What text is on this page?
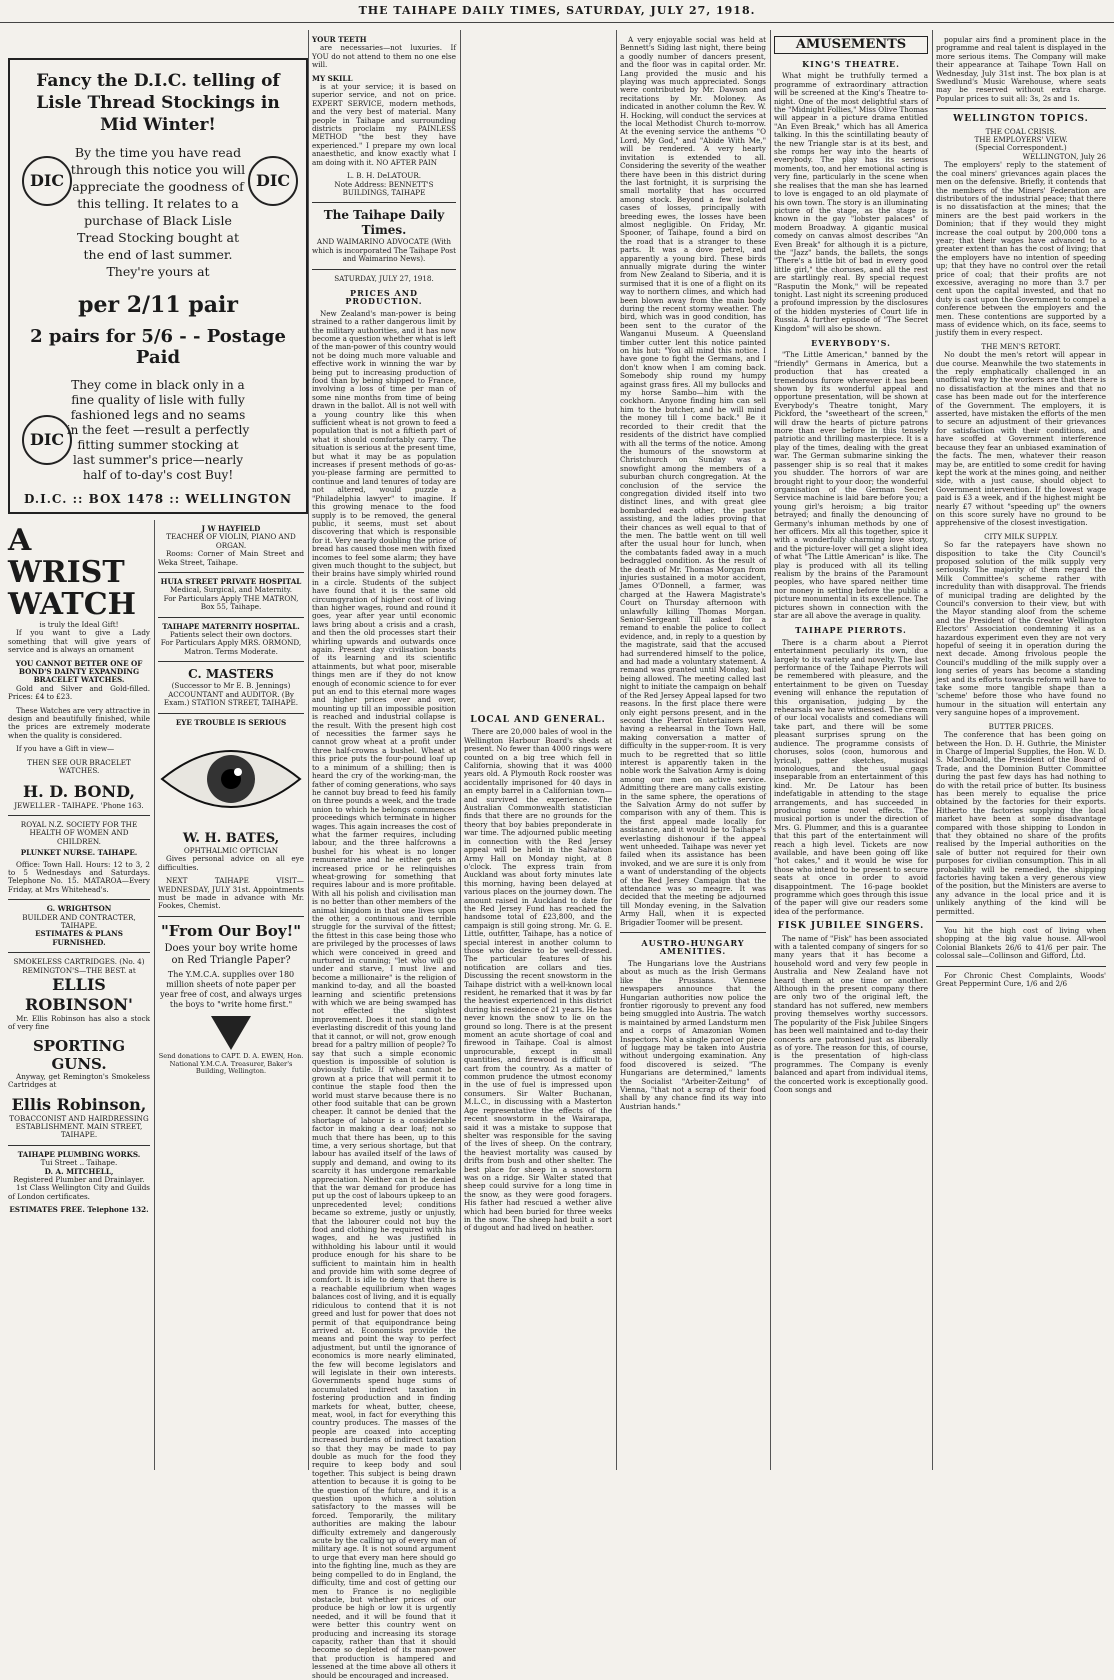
THE TAIHAPE DAILY TIMES, SATURDAY, JULY 27, 1918.
Fancy the D.I.C. telling of Lisle Thread Stockings in Mid Winter!
DIC	DIC
By the time you have read through this notice you will appreciate the goodness of this telling. It relates to a purchase of Black Lisle Tread Stocking bought at the end of last summer. They're yours at
per 2/11 pair
2 pairs for 5/6 - - Postage Paid
They come in black only in a fine quality of lisle with fully fashioned legs and no seams in the feet —result a perfectly fitting summer stocking at last summer's price—nearly half of to-day's cost Buy!
DIC
D.I.C. :: BOX 1478 :: WELLINGTON
A WRIST WATCH
is truly the Ideal Gift!

If you want to give a Lady something that will give years of service and is always an ornament

YOU CANNOT BETTER ONE OF BOND'S DAINTY EXPANDING BRACELET WATCHES.

Gold and Silver and Gold-filled. Prices: £4 to £23.

These Watches are very attractive in design and beautifully finished, while the prices are extremely moderate when the quality is considered.

If you have a Gift in view—

THEN SEE OUR BRACELET WATCHES.
H. D. BOND,
JEWELLER - TAIHAPE. 'Phone 163.
ROYAL N.Z. SOCIETY FOR THE HEALTH OF WOMEN AND CHILDREN.
PLUNKET NURSE. TAIHAPE.

Office: Town Hall. Hours: 12 to 3, 2 to 5 Wednesdays and Saturdays. Telephone No. 15. MATAROA—Every Friday, at Mrs Whitehead's.

G. WRIGHTSON
BUILDER AND CONTRACTER, TAIHAPE.
ESTIMATES & PLANS FURNISHED.
SMOKELESS CARTRIDGES. (No. 4)
REMINGTON'S—THE BEST. at
ELLIS ROBINSON'

Mr. Ellis Robinson has also a stock of very fine

SPORTING GUNS.

Anyway, get Remington's Smokeless Cartridges at

Ellis Robinson,
TOBACCONIST AND HAIRDRESSING ESTABLISHMENT. MAIN STREET, TAIHAPE.
TAIHAPE PLUMBING WORKS.
Tui Street .. Taihape.
D. A. MITCHELL,
Registered Plumber and Drainlayer.

1st Class Wellington City and Guilds of London certificates.

ESTIMATES FREE. Telephone 132.
J W HAYFIELD
TEACHER OF VIOLIN, PIANO AND ORGAN.

Rooms: Corner of Main Street and Weka Street, Taihape.

HUIA STREET PRIVATE HOSPITAL
Medical, Surgical, and Maternity.
For Particulars Apply THE MATRON, Box 55, Taihape.
TAIHAPE MATERNITY HOSPITAL.
Patients select their own doctors.
For Particulars Apply MRS. ORMOND, Matron. Terms Moderate.
C. MASTERS
(Successor to Mr E. B. Jennings) ACCOUNTANT and AUDITOR. (By Exam.) STATION STREET, TAIHAPE.
EYE TROUBLE IS SERIOUS
W. H. BATES,
OPHTHALMIC OPTICIAN

Gives personal advice on all eye difficulties.

NEXT TAIHAPE VISIT— WEDNESDAY, JULY 31st. Appointments must be made in advance with Mr. Fookes, Chemist.

"From Our Boy!"
Does your boy write home on Red Triangle Paper?
The Y.M.C.A. supplies over 180 million sheets of note paper per year free of cost, and always urges the boys to "write home first."
Send donations to CAPT. D. A. EWEN, Hon. National Y.M.C.A. Treasurer, Baker's Building, Wellington.
YOUR TEETH

are necessaries—not luxuries. If YOU do not attend to them no one else will.

MY SKILL

is at your service; it is based on superior service, and not on price. EXPERT SERVICE, modern methods, and the very best of material. Many people in Taihape and surrounding districts proclaim my PAINLESS METHOD "the best they have experienced." I prepare my own local anaesthetic, and know exactly what I am doing with it. NO AFTER PAIN

L. B. H. DeLATOUR.
Note Address: BENNETT'S BUILDINGS, TAIHAPE
The Taihape Daily Times.
AND WAIMARINO ADVOCATE (With which is incorporated The Taihape Post and Waimarino News).
SATURDAY, JULY 27, 1918.
PRICES AND PRODUCTION.

New Zealand's man-power is being strained to a rather dangerous limit by the military authorities, and it has now become a question whether what is left of the man-power of this country would not be doing much more valuable and effective work in winning the war by being put to increasing production of food than by being shipped to France, involving a loss of time per man of some nine months from time of being drawn in the ballot. All is not well with a young country like this when sufficient wheat is not grown to feed a population that is not a fiftieth part of what it should comfortably carry. The situation is serious at the present time, but what it may be as population increases if present methods of go-as-you-please farming are permitted to continue and land tenures of today are not altered, would puzzle a "Philadelphia lawyer" to imagine. If this growing menace to the food supply is to be removed, the general public, it seems, must set about discovering that which is responsible for it. Very nearly doubling the price of bread has caused those men with fixed incomes to feel some alarm; they have given much thought to the subject, but their brains have simply whirled round in a circle. Students of the subject have found that it is the same old circumgyration of higher cost of living than higher wages, round and round it goes, year after year until economic laws bring about a crisis and a crash, and then the old processes start their whirling upwards and outwards once again. Present day civilisation boasts of its learning and its scientific attainments, but what poor, miserable things men are if they do not know enough of economic science to for ever put an end to this eternal more wages and higher prices over and over, mounting up till an impossible position is reached and industrial collapse is the result. With the present high cost of necessities the farmer says he cannot grow wheat at a profit under three half-crowns a bushel. Wheat at this price puts the four-pound loaf up to a minimum of a shilling; then is heard the cry of the working-man, the father of coming generations, who says he cannot buy bread to feed his family on three pounds a week, and the trade union to which he belongs commences proceedings which terminate in higher wages. This again increases the cost of what the farmer requires, including labour, and the three halfcrowns a bushel for his wheat is no longer remunerative and he either gets an increased price or he relinquishes wheat-growing for something that requires labour and is more profitable. With all his polish and civilisation man is no better than other members of the animal kingdom in that one lives upon the other, a continuous and terrible struggle for the survival of the fittest; the fittest in this case being those who are privileged by the processes of laws which were conceived in greed and nurtured in cunning; "let who will go under and starve, I must live and become a millionaire" is the religion of mankind to-day, and all the boasted learning and scientific pretensions with which we are being swamped has not effected the slightest improvement. Does it not stand to the everlasting discredit of this young land that it cannot, or will not, grow enough bread for a paltry million of people? To say that such a simple economic question is impossible of solution is obviously futile. If wheat cannot be grown at a price that will permit it to continue the staple food then the world must starve because there is no other food suitable that can be grown cheaper. It cannot be denied that the shortage of labour is a considerable factor in making a dear loaf; not so much that there has been, up to this time, a very serious shortage, but that labour has availed itself of the laws of supply and demand, and owing to its scarcity it has undergone remarkable appreciation. Neither can it be denied that the war demand for produce has put up the cost of labours upkeep to an unprecedented level; conditions became so extreme, justly or unjustly, that the labourer could not buy the food and clothing he required with his wages, and he was justified in withholding his labour until it would produce enough for his share to be sufficient to maintain him in health and provide him with some degree of comfort. It is idle to deny that there is a reachable equilibrium when wages balances cost of living, and it is equally ridiculous to contend that it is not greed and lust for power that does not permit of that equipondrance being arrived at. Economists provide the means and point the way to perfect adjustment, but until the ignorance of economics is more nearly eliminated, the few will become legislators and will legislate in their own interests. Governments spend huge sums of accumulated indirect taxation in fostering production and in finding markets for wheat, butter, cheese, meat, wool, in fact for everything this country produces. The masses of the people are coaxed into accepting increased burdens of indirect taxation so that they may be made to pay double as much for the food they require to keep body and soul together. This subject is being drawn attention to because it is going to be the question of the future, and it is a question upon which a solution satisfactory to the masses will be forced. Temporarily, the military authorities are making the labour difficulty extremely and dangerously acute by the calling up of every man of military age. It is not sound argument to urge that every man here should go into the fighting line, much as they are being compelled to do in England, the difficulty, time and cost of getting our men to France is no negligible obstacle, but whether prices of our produce be high or low it is urgently needed, and it will be found that it were better this country went on producing and increasing its storage capacity, rather than that it should become so depleted of its man-power that production is hampered and lessened at the time above all others it should be encouraged and increased.

LOCAL AND GENERAL.

There are 20,000 bales of wool in the Wellington Harbour Board's sheds at present. No fewer than 4000 rings were counted on a big tree which fell in California, showing that it was 4000 years old. A Plymouth Rock rooster was accidentally imprisoned for 40 days in an empty barrel in a Californian town—and survived the experience. The Australian Commonwealth statistician finds that there are no grounds for the theory that boy babies preponderate in war time. The adjourned public meeting in connection with the Red Jersey appeal will be held in the Salvation Army Hall on Monday night, at 8 o'clock. The express train from Auckland was about forty minutes late this morning, having been delayed at various places on the journey down. The amount raised in Auckland to date for the Red Jersey Fund has reached the handsome total of £23,800, and the campaign is still going strong. Mr. G. E. Little, outfitter, Taihape, has a notice of special interest in another column to those who desire to be well-dressed. The particular features of his notification are collars and ties. Discussing the recent snowstorm in the Taihape district with a well-known local resident, he remarked that it was by far the heaviest experienced in this district during his residence of 21 years. He has never known the snow to lie on the ground so long. There is at the present moment an acute shortage of coal and firewood in Taihape. Coal is almost unprocurable, except in small quantities, and firewood is difficult to cart from the country. As a matter of common prudence the utmost economy in the use of fuel is impressed upon consumers. Sir Walter Buchanan, M.L.C., in discussing with a Masterton Age representative the effects of the recent snowstorm in the Wairarapa, said it was a mistake to suppose that shelter was responsible for the saving of the lives of sheep. On the contrary, the heaviest mortality was caused by drifts from bush and other shelter. The best place for sheep in a snowstorm was on a ridge. Sir Walter stated that sheep could survive for a long time in the snow, as they were good foragers. His father had rescued a wether alive which had been buried for three weeks in the snow. The sheep had built a sort of dugout and had lived on heather.

A very enjoyable social was held at Bennett's Siding last night, there being a goodly number of dancers present, and the floor was in capital order. Mr. Lang provided the music and his playing was much appreciated. Songs were contributed by Mr. Dawson and recitations by Mr. Moloney. As indicated in another column the Rev. W. H. Hocking, will conduct the services at the local Methodist Church to-morrow. At the evening service the anthems "O Lord, My God," and "Abide With Me," will be rendered. A very hearty invitation is extended to all. Considering the severity of the weather there have been in this district during the last fortnight, it is surprising the small mortality that has occurred among stock. Beyond a few isolated cases of losses, principally with breeding ewes, the losses have been almost negligible. On Friday, Mr. Spooner, of Taihape, found a bird on the road that is a stranger to these parts. It was a dove petrel, and apparently a young bird. These birds annually migrate during the winter from New Zealand to Siberia, and it is surmised that it is one of a flight on its way to northern climes, and which had been blown away from the main body during the recent stormy weather. The bird, which was in good condition, has been sent to the curator of the Wanganui Museum. A Queensland timber cutter lent this notice painted on his hut: "You all mind this notice. I have gone to fight the Germans, and I don't know when I am coming back. Somebody ship round my humpy against grass fires. All my bullocks and my horse Sambo—him with the cockhorn. Anyone finding him can sell him to the butcher, and he will mind the money till I come back." Be it recorded to their credit that the residents of the district have complied with all the terms of the notice. Among the humours of the snowstorm at Christchurch on Sunday was a snowfight among the members of a suburban church congregation. At the conclusion of the service the congregation divided itself into two distinct lines, and with great glee bombarded each other, the pastor assisting, and the ladies proving that their chances as well equal to that of the men. The battle went on till well after the usual hour for lunch, when the combatants faded away in a much bedraggled condition. As the result of the death of Mr. Thomas Morgan from injuries sustained in a motor accident, James O'Donnell, a farmer, was charged at the Hawera Magistrate's Court on Thursday afternoon with unlawfully killing Thomas Morgan. Senior-Sergeant Till asked for a remand to enable the police to collect evidence, and, in reply to a question by the magistrate, said that the accused had surrendered himself to the police, and had made a voluntary statement. A remand was granted until Monday, bail being allowed. The meeting called last night to initiate the campaign on behalf of the Red Jersey Appeal lapsed for two reasons. In the first place there were only eight persons present, and in the second the Pierrot Entertainers were having a rehearsal in the Town Hall, making conversation a matter of difficulty in the supper-room. It is very much to be regretted that so little interest is apparently taken in the noble work the Salvation Army is doing among our men on active service. Admitting there are many calls existing in the same sphere, the operations of the Salvation Army do not suffer by comparison with any of them. This is the first appeal made locally for assistance, and it would be to Taihape's everlasting dishonour if the appeal went unheeded. Taihape was never yet failed when its assistance has been invoked, and we are sure it is only from a want of understanding of the objects of the Red Jersey Campaign that the attendance was so meagre. It was decided that the meeting be adjourned till Monday evening, in the Salvation Army Hall, when it is expected Brigadier Toomer will be present.

AUSTRO-HUNGARY AMENITIES.

The Hungarians love the Austrians about as much as the Irish Germans like the Prussians. Viennese newspapers announce that the Hungarian authorities now police the frontier rigorously to prevent any food being smuggled into Austria. The watch is maintained by armed Landsturm men and a corps of Amazonian Women Inspectors. Not a single parcel or piece of luggage may be taken into Austria without undergoing examination. Any food discovered is seized. "The Hungarians are determined," laments the Socialist "Arbeiter-Zeitung" of Vienna, "that not a scrap of their food shall by any chance find its way into Austrian hands."

AMUSEMENTS
KING'S THEATRE.

What might be truthfully termed a programme of extraordinary attraction will be screened at the King's Theatre to-night. One of the most delightful stars of the "Midnight Follies," Miss Olive Thomas will appear in a picture drama entitled "An Even Break," which has all America talking. In this the scintillating beauty of the new Triangle star is at its best, and she romps her way into the hearts of everybody. The play has its serious moments, too, and her emotional acting is very fine, particularly in the scene when she realises that the man she has learned to love is engaged to an old playmate of his own town. The story is an illuminating picture of the stage, as the stage is known in the gay "lobster palaces" of modern Broadway. A gigantic musical comedy on canvas almost describes "An Even Break" for although it is a picture, the "Jazz" bands, the ballets, the songs "There's a little bit of bad in every good little girl," the choruses, and all the rest are startlingly real. By special request "Rasputin the Monk," will be repeated tonight. Last night its screening produced a profound impression by the disclosures of the hidden mysteries of Court life in Russia. A further episode of "The Secret Kingdom" will also be shown.

EVERYBODY'S.

"The Little American," banned by the "friendly" Germans in America, but a production that has created a tremendous furore wherever it has been shown by its wonderful appeal and opportune presentation, will be shown at Everybody's Theatre tonight, Mary Pickford, the "sweetheart of the screen," will draw the hearts of picture patrons more than ever before in this tensely patriotic and thrilling masterpiece. It is a play of the times, dealing with the great war. The German submarine sinking the passenger ship is so real that it makes you shudder. The horrors of war are brought right to your door; the wonderful organisation of the German Secret Service machine is laid bare before you; a young girl's heroism; a big traitor betrayed; and finally the denouncing of Germany's inhuman methods by one of her officers. Mix all this together, spice it with a wonderfully charming love story, and the picture-lover will get a slight idea of what "The Little American" is like. The play is produced with all its telling realism by the brains of the Paramount peoples, who have spared neither time nor money in setting before the public a picture monumental in its excellence. The pictures shown in connection with the star are all above the average in quality.

TAIHAPE PIERROTS.

There is a charm about a Pierrot entertainment peculiarly its own, due largely to its variety and novelty. The last performance of the Taihape Pierrots will be remembered with pleasure, and the entertainment to be given on Tuesday evening will enhance the reputation of this organisation, judging by the rehearsals we have witnessed. The cream of our local vocalists and comedians will take part, and there will be some pleasant surprises sprung on the audience. The programme consists of choruses, solos (coon, humorous and lyrical), patter sketches, musical monologues, and the usual gags inseparable from an entertainment of this kind. Mr. De Latour has been indefatigable in attending to the stage arrangements, and has succeeded in producing some novel effects. The musical portion is under the direction of Mrs. G. Plummer, and this is a guarantee that this part of the entertainment will reach a high level. Tickets are now available, and have been going off like "hot cakes," and it would be wise for those who intend to be present to secure seats at once in order to avoid disappointment. The 16-page booklet programme which goes through this issue of the paper will give our readers some idea of the performance.

FISK JUBILEE SINGERS.

The name of "Fisk" has been associated with a talented company of singers for so many years that it has become a household word and very few people in Australia and New Zealand have not heard them at one time or another. Although in the present company there are only two of the original left, the standard has not suffered, new members proving themselves worthy successors. The popularity of the Fisk Jubilee Singers has been well maintained and to-day their concerts are patronised just as liberally as of yore. The reason for this, of course, is the presentation of high-class programmes. The Company is evenly balanced and apart from individual items, the concerted work is exceptionally good. Coon songs and

popular airs find a prominent place in the programme and real talent is displayed in the more serious items. The Company will make their appearance at Taihape Town Hall on Wednesday, July 31st inst. The box plan is at Swedlund's Music Warehouse, where seats may be reserved without extra charge. Popular prices to suit all: 3s, 2s and 1s.

WELLINGTON TOPICS.
THE COAL CRISIS.
THE EMPLOYERS' VIEW.
(Special Correspondent.)
WELLINGTON, July 26

The employers' reply to the statement of the coal miners' grievances again places the men on the defensive. Briefly, it contends that the members of the Miners' Federation are distributors of the industrial peace; that there is no dissatisfaction at the mines; that the miners are the best paid workers in the Dominion; that if they would they might increase the coal output by 200,000 tons a year; that their wages have advanced to a greater extent than has the cost of living; that the employers have no intention of speeding up; that they have no control over the retail price of coal; that their profits are not excessive, averaging no more than 3.7 per cent upon the capital invested, and that no duty is cast upon the Government to compel a conference between the employers and the men. These contentions are supported by a mass of evidence which, on its face, seems to justify them in every respect.

THE MEN'S RETORT.

No doubt the men's retort will appear in due course. Meanwhile the two statements in the reply emphatically challenged in an unofficial way by the workers are that there is no dissatisfaction at the mines and that no case has been made out for the interference of the Government. The employers, it is asserted, have mistaken the efforts of the men to secure an adjustment of their grievances for satisfaction with their conditions, and have scoffed at Government interference because they fear an unbiased examination of the facts. The men, whatever their reason may be, are entitled to some credit for having kept the work at the mines going, and neither side, with a just cause, should object to Government intervention. If the lowest wage paid is £3 a week, and if the highest might be nearly £7 without "speeding up" the owners on this score surely have no ground to be apprehensive of the closest investigation.

CITY MILK SUPPLY.

So far the ratepayers have shown no disposition to take the City Council's proposed solution of the milk supply very seriously. The majority of them regard the Milk Committee's scheme rather with incredulity than with disapproval. The friends of municipal trading are delighted by the Council's conversion to their view, but with the Mayor standing aloof from the scheme and the President of the Greater Wellington Electors' Association condemning it as a hazardous experiment even they are not very hopeful of seeing it in operation during the next decade. Among frivolous people the Council's muddling of the milk supply over a long series of years has become a standing jest and its efforts towards reform will have to take some more tangible shape than a 'scheme' before those who have found no humour in the situation will entertain any very sanguine hopes of a improvement.

BUTTER PRICES.

The conference that has been going on between the Hon. D. H. Guthrie, the Minister in Charge of Imperial Supplies, the Hon. W. D. S. MacDonald, the President of the Board of Trade, and the Dominion Butter Committee during the past few days has had nothing to do with the retail price of butter. Its business has been merely to equalise the price obtained by the factories for their exports. Hitherto the factories supplying the local market have been at some disadvantage compared with those shipping to London in that they obtained no share of the profits realised by the Imperial authorities on the sale of butter not required for their own purposes for civilian consumption. This in all probability will be remedied, the shipping factories having taken a very generous view of the position, but the Ministers are averse to any advance in the local price and it is unlikely anything of the kind will be permitted.

You hit the high cost of living when shopping at the big value house. All-wool Colonial Blankets 26/6 to 41/6 per pair. The colossal sale—Collinson and Gifford, Ltd.

For Chronic Chest Complaints, Woods' Great Peppermint Cure, 1/6 and 2/6
